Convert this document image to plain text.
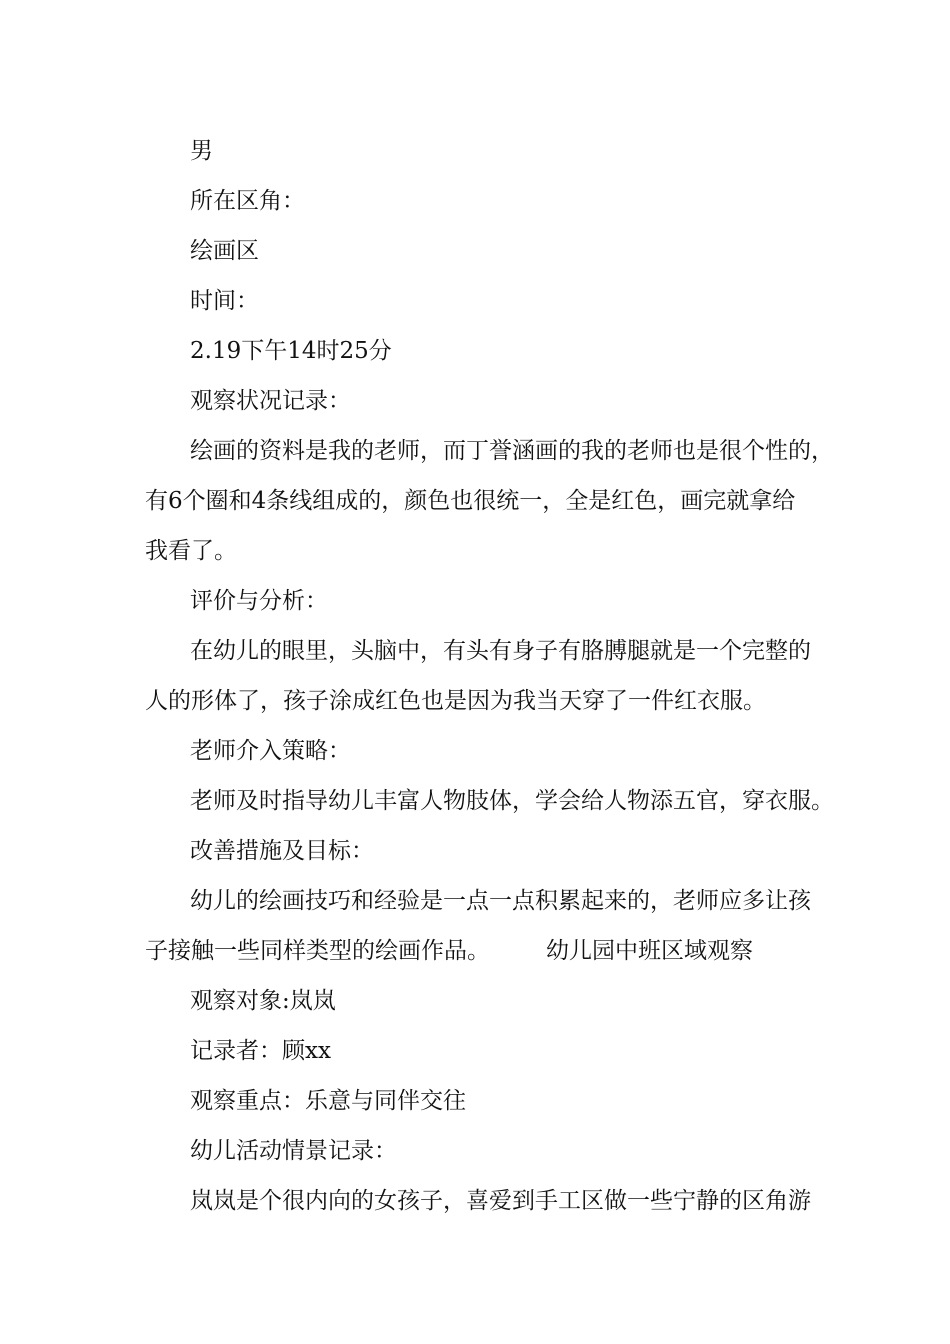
男

所在区角：

绘画区

时间：

2.19下午14时25分

观察状况记录：

绘画的资料是我的老师，而丁誉涵画的我的老师也是很个性的，

有6个圈和4条线组成的，颜色也很统一，全是红色，画完就拿给

我看了。

评价与分析：

在幼儿的眼里，头脑中，有头有身子有胳膊腿就是一个完整的

人的形体了，孩子涂成红色也是因为我当天穿了一件红衣服。

老师介入策略：

老师及时指导幼儿丰富人物肢体，学会给人物添五官，穿衣服。

改善措施及目标：

幼儿的绘画技巧和经验是一点一点积累起来的，老师应多让孩

子接触一些同样类型的绘画作品。 幼儿园中班区域观察

观察对象:岚岚

记录者：顾xx

观察重点：乐意与同伴交往

幼儿活动情景记录：

岚岚是个很内向的女孩子，喜爱到手工区做一些宁静的区角游
